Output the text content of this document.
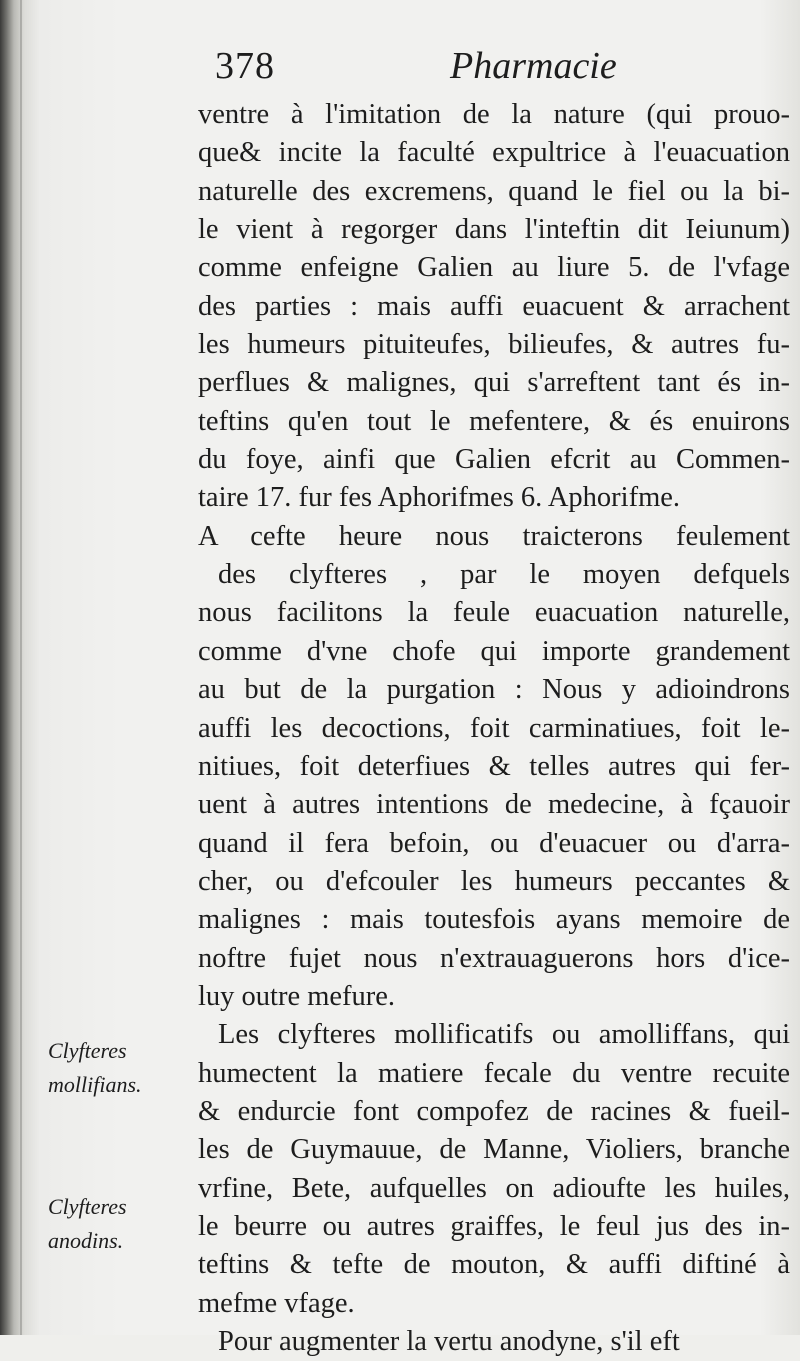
378	Pharmacie
ventre à l'imitation de la nature (qui prouo-
que& incite la faculté expultrice à l'euacuation
naturelle des excremens, quand le fiel ou la bi-
le vient à regorger dans l'inteftin dit Ieiunum)
comme enfeigne Galien au liure 5. de l'vfage
des parties : mais auffi euacuent & arrachent
les humeurs pituiteufes, bilieufes, & autres fu-
perflues & malignes, qui s'arreftent tant és in-
teftins qu'en tout le mefentere, & és enuirons
du foye, ainfi que Galien efcrit au Commen-
taire 17. fur fes Aphorifmes 6. Aphorifme.
A cefte heure nous traicterons feulement
des clyfteres , par le moyen defquels
nous facilitons la feule euacuation naturelle,
comme d'vne chofe qui importe grandement
au but de la purgation : Nous y adioindrons
auffi les decoctions, foit carminatiues, foit le-
nitiues, foit deterfiues & telles autres qui fer-
uent à autres intentions de medecine, à fçauoir
quand il fera befoin, ou d'euacuer ou d'arra-
cher, ou d'efcouler les humeurs peccantes &
malignes : mais toutesfois ayans memoire de
noftre fujet nous n'extrauaguerons hors d'ice-
luy outre mefure.
Les clyfteres mollificatifs ou amolliffans, qui
humectent la matiere fecale du ventre recuite
& endurcie font compofez de racines & fueil-
les de Guymauue, de Manne, Violiers, branche
vrfine, Bete, aufquelles on adioufte les huiles,
le beurre ou autres graiffes, le feul jus des in-
teftins & tefte de mouton, & auffi diftiné à
mefme vfage.
Pour augmenter la vertu anodyne, s'il eft
Clyfteres
mollifians.
Clyfteres
anodins.
